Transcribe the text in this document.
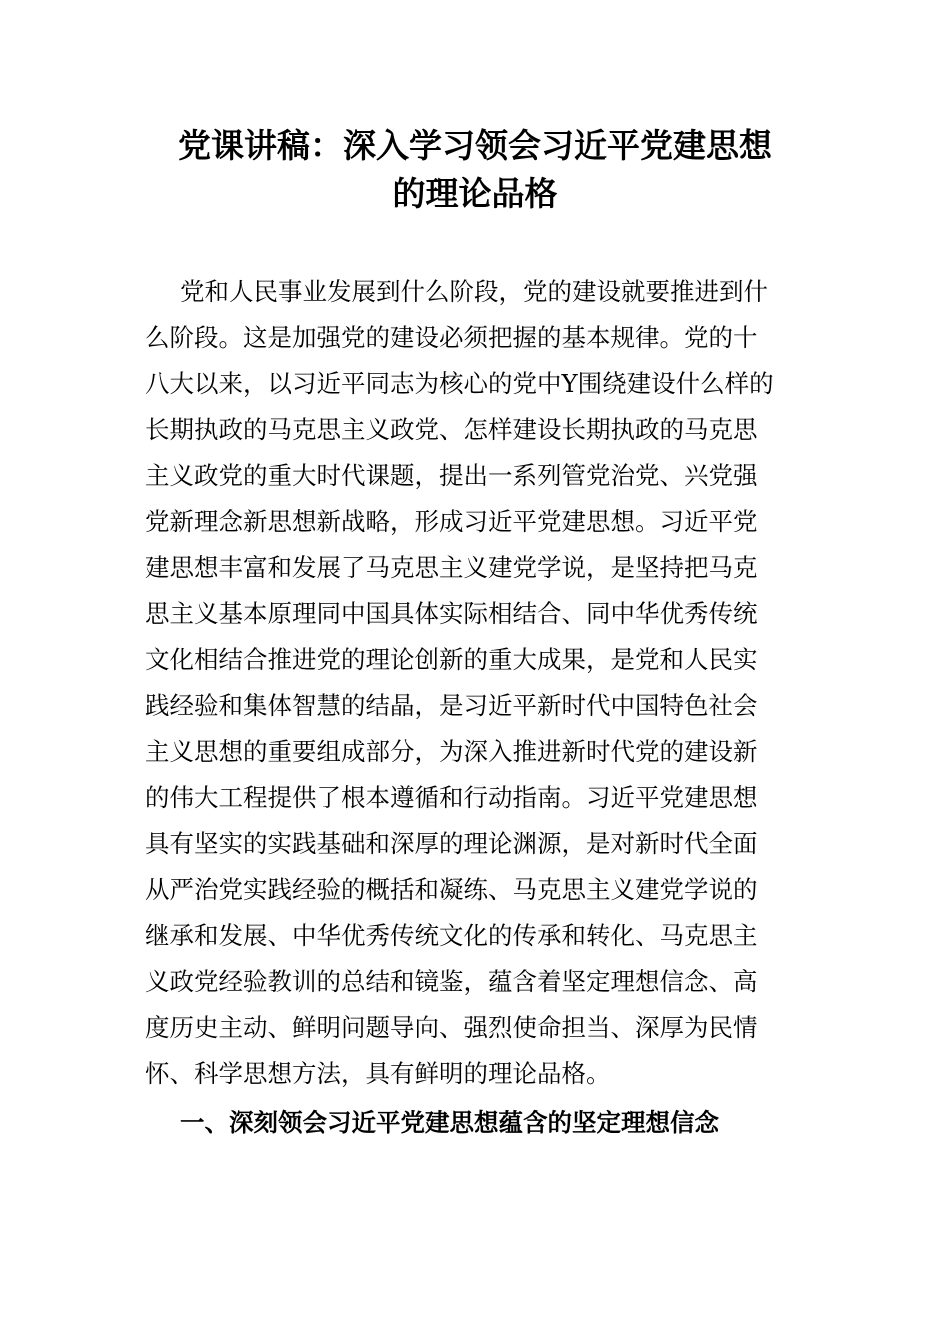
党课讲稿：深入学习领会习近平党建思想
的理论品格

党和人民事业发展到什么阶段，党的建设就要推进到什

么阶段。这是加强党的建设必须把握的基本规律。党的十

八大以来，以习近平同志为核心的党中Y围绕建设什么样的

长期执政的马克思主义政党、怎样建设长期执政的马克思

主义政党的重大时代课题，提出一系列管党治党、兴党强

党新理念新思想新战略，形成习近平党建思想。习近平党

建思想丰富和发展了马克思主义建党学说，是坚持把马克

思主义基本原理同中国具体实际相结合、同中华优秀传统

文化相结合推进党的理论创新的重大成果，是党和人民实

践经验和集体智慧的结晶，是习近平新时代中国特色社会

主义思想的重要组成部分，为深入推进新时代党的建设新

的伟大工程提供了根本遵循和行动指南。习近平党建思想

具有坚实的实践基础和深厚的理论渊源，是对新时代全面

从严治党实践经验的概括和凝练、马克思主义建党学说的

继承和发展、中华优秀传统文化的传承和转化、马克思主

义政党经验教训的总结和镜鉴，蕴含着坚定理想信念、高

度历史主动、鲜明问题导向、强烈使命担当、深厚为民情

怀、科学思想方法，具有鲜明的理论品格。

一、深刻领会习近平党建思想蕴含的坚定理想信念
